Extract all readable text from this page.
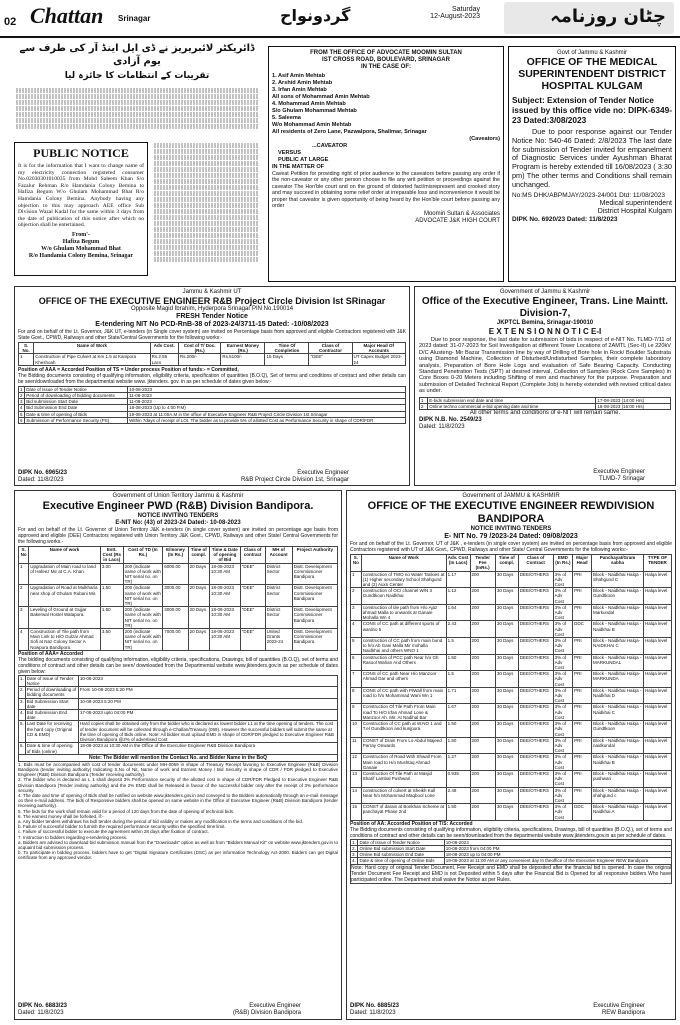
02 Chattan Srinagar	گردونواح	Saturday
12-August-2023	چٹان روزنامہ
ڈائریکٹر لائبریریز نے ڈی ایل اینڈ آر کی طرف سے یوم آزادی
تقریبات کے انتظامات کا جائزہ لیا
PUBLIC NOTICE
It is for the information that I want to change name of my electricity connection registered consumer No.02030301010035 from Mohd Saleem Khan S/o Fazalur Rehman R/o Hamdania Colony Bemina to Hafiza Begum W/o Ghulam Mohammad Bhat R/o Hamdania Colony Bemina. Anybody having any objection to this may approach AEE office Sub Division Wazal Kadal for the same within 3 days from the date of publication of this notice after which no objection shall be entertained.
From'-
Hafiza Begum
W/o Ghulam Mohammad Bhat
R/o Handamia Colony Bemina, Srinagar
FROM THE OFFICE OF ADVOCATE MOOMIN SULTAN
IST CROSS ROAD, BOULEVARD, SRINAGAR
IN THE CASE OF:
1. Asif Amin Mehtab
2. Arshid Amin Mehtab
3. Irfan Amin Mehtab
All sons of Mohammad Amin Mehtab
4. Mohammad Amin Mehtab
S/o Ghulam Mohammad Mehtab
5. Saleema
W/o Mohammad Amin Mehtab
All residents of Zero Lane, Pazwalpora, Shalimar, Srinagar
(Caveators)
...CAVEATOR
VERSUS
PUBLIC AT LARGE
IN THE MATTER OF
Caveat Petition for providing right of prior audience to the caveators before passing any order if the non-caveator or any other person choose to file any writ petition or proceedings against the caveator The Hon'ble court and on the ground of distorted fact/misrepresent and crooked story and may succeed in obtaining some relief order at irreparable loss and inconvenience it would be proper that caveator is given opportunity of being heard by the Hon'ble court before passing any order
Moomin Sultan & Associates
ADVOCATE J&K HIGH COURT
Govt of Jammu & Kashmir
OFFICE OF THE MEDICAL SUPERINTENDENT DISTRICT HOSPITAL KULGAM
Subject: Extension of Tender Notice issued by this office vide no: DIPK-6349-23 Dated:3/08/2023
Due to poor response against our Tender Notice No: 540-46 Dated: 2/8/2023 The last date for submission of Tender invited for empanelment of Diagnostic Services under Ayushman Bharat Program is hereby extended till 16/08/2023 ( 3:30 pm) The other terms and Conditions shall remain unchanged.
No:MS DHK/ABPMJAY/2023-24/001 Dtd: 11/08/2023
Medical superintendent
District Hospital Kulgam
DIPK No. 6920/23 Dated: 11/8/2023
Jammu & Kashmir UT
OFFICE OF THE EXECUTIVE ENGINEER R&B Project Circle Division Ist SRinagar
Opposite Magid Ibrahim, Hyderpora Srinagar PIN No.190014
FRESH Tender Notice
E-tendering NIT No PCD-RnB-38 of 2023-24/3711-15 Dated: -10/08/2023
For and on behalf of the Lt. Governor, J&K UT, e-tenders (in Single cover system) are invited on Percentage basis from approved and eligible Contractors registered with J&K State Govt., CPWD, Railways and other State/Central Governments for the following works:-
S. No.	Name of Work	Adv Cost.	Cost of T/ Doc.(Rs.)	Earnest Money (Rs.)	Time Of Completion	Class of Contractor	Major Head Of Accounts
1	Construction of Pipe Culvert at Km 1.5 at Kanipora Kheshoah	Rs.2.55 Lacs	Rs.200/-	Rs.5100/-	15 Days	"DEE"	UT Capex Budget 2023-24
Position of AAA = Accorded Position of TS = Under process Position of funds:- = Committed,
The Bidding documents consisting of qualifying information, eligibility criteria, specification of quantities (B.O.Q), Set of terms and conditions of contract and other details can be seen/downloaded from the departmental website www. jktenders. gov. in as per schedule of dates given below:-
1	Date of Issue of Tender Notice	10-08-2023
2	Period of downloading of bidding documents	11-08-2023
3	Bid submission Start Date	11-08-2023
4	Bid Submission End Date	18-08-2023 (Up to 4:00 P.M)
5	Date & time of opening of Bids	19-08-2023 at 11:00A.M in the office of Executive Engineer R&B Project Circle Division 1st Srinagar
6	Submission of Performance Security (PS)	Within 7days of receipt of LOI. The bidder as to provide 5% of allotted Cost as Performance Security in shape of CDR/FDR
DIPK No. 6965/23
Dated: 11/8/2023
Executive Engineer
R&B Project Circle Division 1st, Srinagar
Government of Jammu & Kashmir
Office of the Executive Engineer, Trans. Line Maintt. Division-7,
JKPTCL Bemina, Srinagar-190010
E X T E N S I O N N O T I C E-I
Due to poor response, the last date for submission of bids in respect of e-NIT No. TLMD-7/11 of 2023 dated: 31-07-2023 for Soil Investigation at different Tower Locations of 2AMTL (Sec-II) i.e 220kV D/C Alusteng- Mir Bazar Transmission line by way of Drilling of Bore hole in Rock/ Boulder Substrata using Diamond Machine, Collection of Disturbed/Undisturbed Samples, their complete laboratory analysis, Preparation of Bore Hole Logs and evaluation of Safe Bearing Capacity. Conducting Standard Penetration Tests (SPT) at desired interval, Collection of Samples (Rock Core Samples) in Core Boxes 0-20 Meters including Shifting of men and machinery for the purpose. Preparation and submission of Detailed Technical Report (Complete Job) is hereby extended with revised critical dates as under.
1	E-bids submission end date and time	17-08-2023 (14:00 Hrs)
2	Online techno commercial e-bid opening date and time	18-08-2023 (16:00 Hrs)
All other terms and conditions of e-NIT will remain same.
DIPK N.B. No. 2549/23
Dated: 11/8/2023
Executive Engineer
TLMD-7 Srinagar
Government of Union Territory Jammu & Kashmir
Executive Engineer PWD (R&B) Division Bandipora.
NOTICE INVITING TENDERS
E-NIT No: (43) of 2023-24 Dated:- 10-08-2023
For and on behalf of the Lt. Governor of Union Territory J&K e-tenders (in single cover system) are invited on percentage age basis from approved and eligible (DEE) Contractors registered with Union Territory J&K Govt., CPWD, Railways and other State/ Central Governments for the following works.-
S. No	Name of work	Estt. Cost (Rs in Lacs)	Cost of TD (In Rs.)	E/money (In Rs.)	Time of compl.	Time & Date of opening of Bid	Class of contract	MH of Account	Project Authority
1	Upgradation of Main road to land of Hafeez Mir at C.A. Khan.	3.00	200 (indicate name of work with NIT serial no. on TR)	6000.00	20 Days	18-08-2023 10:30 AM	"DEE"	District Sector	Distt. Development Commissioner Bandipora
2	Upgradation of Road at Mulkharia near shop of Ghulam Rubani Mir.	1.50	200 (indicate name of work with NIT serial no. on TR)	3000.00	20 Days	18-08-2023 10:30 AM	"DEE"	District Sector	Distt. Development Commissioner Bandipora
3	Leveling of Ground at Gujjar Bakerwal Hostel Watapora.	1.50	200 (indicate name of work with NIT serial no. on TR)	3000.00	20 Days	18-08-2023 10:30 AM	"DEE"	District Sector	Distt. Development Commissioner Bandipora
4	Construction of Tile path from Main Link to H/O Gulzar Ahmad Sofi at Naz Colony Sector A Nowpora Bandipora.	3.50	200 (indicate name of work with NIT serial no. on TR)	7000.00	20 Days	18-08-2023 10:30 AM	"DEE"	United Grants 2023-24	Distt. Development Commissioner Bandipora
Position of AAA= Accorded
The bidding documents consisting of qualifying information, eligibility criteria, specifications, Drawings, bill of quantities (B.O.Q), set of terms and conditions of contract and other details can be seen/ downloaded from the Departmental website www.jktenders.gov.in as per schedule of dates given below:
1.	Date of Issue of Tender Notice	10-08-2023
2.	Period of downloading of bidding documents	From 10-08-2023 5:20 PM
3.	Bid Submission Start date	10-08-2023 5:20 PM
4.	Bid Submission End date	17-08-2023 upto 04:00 PM
5.	Last Date for receiving the hard copy (Original CD & EMD)	Hard copies shall be obtained only from the bidder who is declared as lowest bidder L1 at the time opening of tenders. The cost of tender document will be collected through e-Challan/Treasury (059). However the successful bidders will submit the same at the time of opening of Bids online. Note: All bidder must upload EMD in shape of CDR/FDR pledged to Executive Engineer R&B Division Bandipora @2% of advertised Cost
6.	Date & time of opening of Bids (online)	18-08-2023 at 10:30 AM in the Office of the Executive Engineer R&B Division Bandipora
Note: The Bidder will mention the Contact No. and Bidder Name in the BoQ
1. Bids must be accompanied with cost of tender documents under MH-0059 in shape of Treasury Receipt favoring to Executive Engineer (R&B) Division Bandipora (tender inviting authority) Indicating S.No of Nit, Name of work and Earnest Money / Bid Security in shape of CDR / FDR pledged to Executive Engineer (R&B) Division Bandipora (Tender receiving authority).
2. The bidder who is declared as L 1 shall deposit 3% Performance security of the allotted cost in shape of CDR/FDR Pledged to Executive Engineer R&B Division Bandipora (Tender inviting authority) and the 2% EMD shall be Released in favour of the successful bidder only after the receipt of 3% performance security.
4. The date and time of opening of Bids shall be notified on website www.jktenders.gov.in and conveyed to the Bidders automatically through an e-mail message on their e-mail address. The bids of Responsive bidders shall be opened on same website in the Office of Executive Engineer (R&B) Division Bandipora (tender receiving authority).
5. The bids for the work shall remain valid for a period of 120 days from the date of opening of technical bids.
6. The earnest money shall be forfeited, if:-
a. Any bidder tenders withdraws his bid/ tender during the period of bid validity or makes any modification in the terms and conditions of the bid.
b. Failure of successful bidder to furnish the required performance security within the specified time limit.
c. Failure of successful bidder to execute the agreement within 28 days after fixation of contract.
7. Instruction to bidders regarding e-tendering process.
a. Bidders are advised to download bid submission manual from the "Downloads" option as well as from "Bidders Manual Kit" on website www.jktenders.gov.in to acquaint bid submission process.
b. To participate in bidding process, bidders have to get "Digital Signature Certificates (DSC) as per information Technology Act-2000. Bidders can get Digital certificate from any approved vendor.
DIPK No. 6883/23
Dated: 11/8/2023
Executive Engineer
(R&B) Division Bandipora
Government of JAMMU & KASHMIR
OFFICE OF THE EXECUTIVE ENGINEER REWDIVISION BANDIPORA
NOTICE INVITING TENDERS
E- NIT No. 79 /2023-24 Dated: 09/08/2023
For and on behalf of the Lt. Governor, UT of J&K , e-tenders (in single cover system) are invited on percentage basis from approved and eligible Contractors registered with UT of J&K Govt., CPWD, Railways and other State/ Central Governments for the following works:-
S. No	Name of Work	Adv. Cost (In Lacs)	Tender Fee (InRs.)	Time of compl.	Class of Contract	EMD (In Rs.)	Major Head	Panchayat/Gram sabha	TYPE OF TENDER
1	construction of TWO no Water Tankies at (1) Higher secondary School Shahgund and (2) Auxn Center	1.17	200	30 Days	DEE/OTHERS	3% of Adv Cost	PRI	Block - Naidkhai Halqa - Shahgund C	Halqa level
2	construction of OC/ channel W/N 3 Gundtkoon Naidkhai	1.12	200	30 Days	DEE/OTHERS	3% of Adv Cost	PRI	Block - Naidkhai Halqa - Gundtkoon	Halqa level
3	construction of tile path from H/o Ajaz ahmad Malla to onwards at Ganaie Mohalla Wn 4	1.64	200	30 Days	DEE/OTHERS	3% of Adv Cost	PRI	Block - Naidkhai Halqa-Markundal	Halqa level
4	CONS of CC path at different sports of wardno 5	2.43	200	30 Days	DEE/OTHERS	3% of Adv Cost	DDC	Block - Naidkhai Halqa - Naidkhai B	Halqa level
5	construction of CC path from main bund to h/o Ab Gani Malla Mir mohalla Naidkhai and others WNO 1	1.5	200	30 Days	DEE/OTHERS	3% of Adv Cost	PRI	Block - Naidkhai Halqa-NAIDKHAI C	Halqa level
6	construction of PCC path Near h/o Gh Rasool Wahan And Others	1.50	200	30 Days	DEE/OTHERS	3% of Adv Cost	PRI	Block - Naidkhai Halqa - MARKUNDAL	Halqa level
7	CONS of CC path Near H/o Manzoor Ahmad Dar and others	1.5	200	30 Days	DEE/OTHERS	3% of Adv Cost	PRI	Block - Naidkhai Halqa-MARKUNDA	Halqa level
8	CONS of CC path with P/Wall from main road to h/o Mohammad Wani Wn 1	1.71	200	30 Days	DEE/OTHERS	3% of Adv Cost	PRI	Block - Naidkhai Halqa - Naidkhai D	Halqa level
9	Construction Of Tile Path From Main road To H/O Irfan Ahmad Lone & Manzoor Ah. Mir. At Nadihal Bar	1.67	200	30 Days	DEE/OTHERS	3% of Adv Cost	PRI	Block - Naidkhai Halqa - Naidkhai C	Halqa level
10	Construction of CC path at W.NO 1 and T.el Gundtkoon and kunjpora	1.50	200	30 Days	DEE/OTHERS	3% of Adv Cost	PRI	Block - Naidkhai Halqa - Gundtkoon	Halqa level
11	CONST of Drain From Lo Abdul Majeed Parray Onwards	1.50	200	30 Days	DEE/OTHERS	3% of Adv Cost	PRI	Block - Naidkhai Halqa-naidkundal	Halqa level
12	Construction of Road With Shwall From Main road to H/o Mushtaq Ahmad Ganaie	1.27	200	30 Days	DEE/OTHERS	3% of Adv Cost	PRI	Block - Naidkhai Halqa - Naidkhai B	Halqa level
13	Construction Of Tile Path at Masjid Sharif Lambal Pushwari	0.935	200	30 Days	DEE/OTHERS	3% of Adv Cost	PRI	Block - Naidkhai Halqa - pushwari	Halqa level
14	construction of culvert at Sheikh Kull Near h/o Mohammad Maqbool Lone	2.48	200	30 Days	DEE/OTHERS	3% of Adv Cost	PRI	Block - Naidkhai Halqa - shahgund c	Halqa level
15	CONST of darain at Bonkhan Scheme at panchayat Phase 2nd	1.50	200	30 Days	DEE/OTHERS	3% of Adv Cost	DDC	Block - Naidkhai Halqa - Naidkhai A	Halqa level
Position of AA: Accorded Position of T/S: Accorded
The Bidding documents consisting of qualifying information, eligibility criteria, specifications, Drawings, bill of quantities (B.O.Q.), set of terms and conditions of contract and other details can be seen/downloaded from the departmental website www.jktenders.gov.in as per schedule of dates.
1.	Date of Issue of Tender Notice	10-08-2023
2.	Online Bid submission Start Date	10-08-2023 from 04:00 PM
3.	Online Bid submission End Date	18-08-2023 up to 04:00 PM
4.	Date & time of opening of Online Bids	19-08-2023 at 11:00 AM or any convenient day In theoffice of the Executive Engineer REW Bandipora
Note: Hard copy of original Tender Document, Fee Receipt and EMD shall be deposited after the financial bid is opened. In case the original Tender Document Fee Receipt and EMD is not Deposited within 5 days after the Financial Bid is Opened for all responsive bidders Who have participated online. The Department shall waive the Notice as per Rules.
DIPK No. 6885/23
Dated: 11/8/2023
Executive Engineer
REW Bandipora
